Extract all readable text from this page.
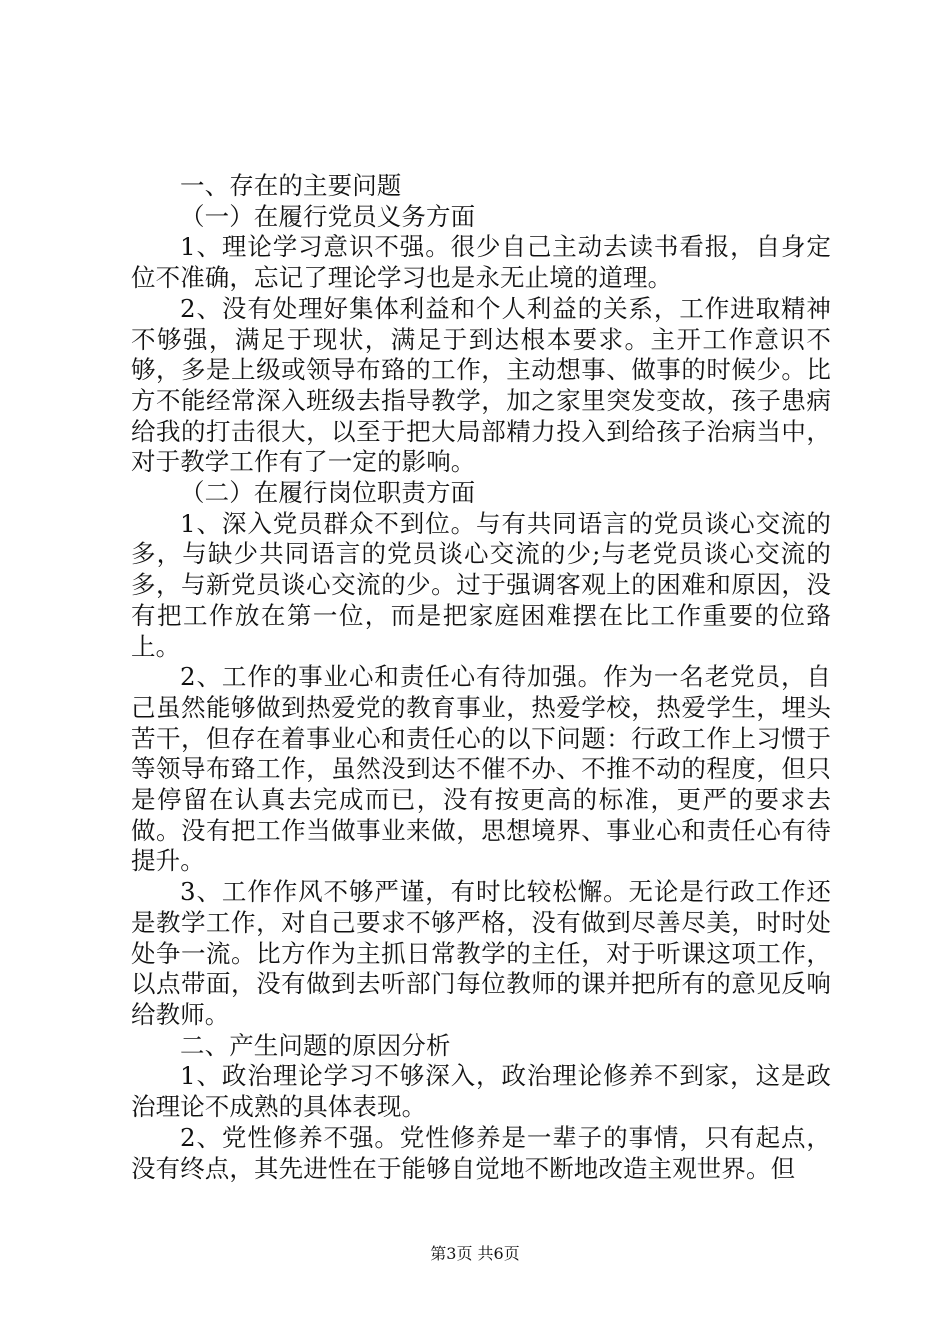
一、存在的主要问题

（一）在履行党员义务方面

1、理论学习意识不强。很少自己主动去读书看报，自身定位不准确，忘记了理论学习也是永无止境的道理。

2、没有处理好集体利益和个人利益的关系，工作进取精神不够强，满足于现状，满足于到达根本要求。主开工作意识不够，多是上级或领导布臵的工作，主动想事、做事的时候少。比方不能经常深入班级去指导教学，加之家里突发变故，孩子患病给我的打击很大，以至于把大局部精力投入到给孩子治病当中，对于教学工作有了一定的影响。

（二）在履行岗位职责方面

1、深入党员群众不到位。与有共同语言的党员谈心交流的多，与缺少共同语言的党员谈心交流的少;与老党员谈心交流的多，与新党员谈心交流的少。过于强调客观上的困难和原因，没有把工作放在第一位，而是把家庭困难摆在比工作重要的位臵上。

2、工作的事业心和责任心有待加强。作为一名老党员，自己虽然能够做到热爱党的教育事业，热爱学校，热爱学生，埋头苦干，但存在着事业心和责任心的以下问题：行政工作上习惯于等领导布臵工作，虽然没到达不催不办、不推不动的程度，但只是停留在认真去完成而已，没有按更高的标准，更严的要求去做。没有把工作当做事业来做，思想境界、事业心和责任心有待提升。

3、工作作风不够严谨，有时比较松懈。无论是行政工作还是教学工作，对自己要求不够严格，没有做到尽善尽美，时时处处争一流。比方作为主抓日常教学的主任，对于听课这项工作，以点带面，没有做到去听部门每位教师的课并把所有的意见反响给教师。

二、产生问题的原因分析

1、政治理论学习不够深入，政治理论修养不到家，这是政治理论不成熟的具体表现。

2、党性修养不强。党性修养是一辈子的事情，只有起点，没有终点，其先进性在于能够自觉地不断地改造主观世界。但

第3页 共6页
